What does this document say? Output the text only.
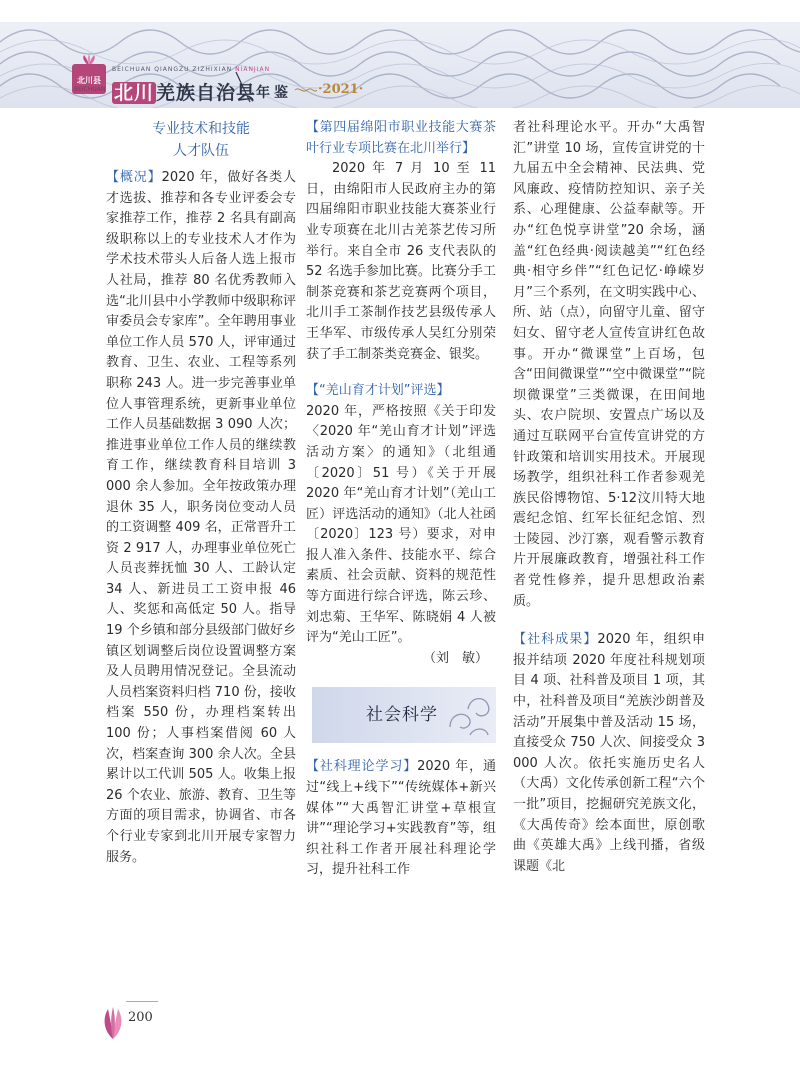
北川县
BEICHUAN
BEICHUAN QIANGZU ZIZHIXIAN NIANJIAN
北川 羌族自治县 年鉴 ·2021·
专业技术和技能
人才队伍

【概况】2020 年，做好各类人才选拔、推荐和各专业评委会专家推荐工作，推荐 2 名具有副高级职称以上的专业技术人才作为学术技术带头人后备人选上报市人社局，推荐 80 名优秀教师入选“北川县中小学教师中级职称评审委员会专家库”。全年聘用事业单位工作人员 570 人，评审通过教育、卫生、农业、工程等系列职称 243 人。进一步完善事业单位人事管理系统，更新事业单位工作人员基础数据 3 090 人次；推进事业单位工作人员的继续教育工作，继续教育科目培训 3 000 余人参加。全年按政策办理退休 35 人，职务岗位变动人员的工资调整 409 名，正常晋升工资 2 917 人，办理事业单位死亡人员丧葬抚恤 30 人、工龄认定 34 人、新进员工工资申报 46 人、奖惩和高低定 50 人。指导 19 个乡镇和部分县级部门做好乡镇区划调整后岗位设置调整方案及人员聘用情况登记。全县流动人员档案资料归档 710 份，接收档案 550 份，办理档案转出 100 份；人事档案借阅 60 人次，档案查询 300 余人次。全县累计以工代训 505 人。收集上报 26 个农业、旅游、教育、卫生等方面的项目需求，协调省、市各个行业专家到北川开展专家智力服务。

【第四届绵阳市职业技能大赛茶叶行业专项比赛在北川举行】

2020 年 7 月 10 至 11 日，由绵阳市人民政府主办的第四届绵阳市职业技能大赛茶业行业专项赛在北川古羌茶艺传习所举行。来自全市 26 支代表队的 52 名选手参加比赛。比赛分手工制茶竞赛和茶艺竞赛两个项目，北川手工茶制作技艺县级传承人王华军、市级传承人吴红分别荣获了手工制茶类竞赛金、银奖。

【“羌山育才计划”评选】

2020 年，严格按照《关于印发〈2020 年“羌山育才计划”评选活动方案〉的通知》（北组通〔2020〕51 号）《关于开展 2020 年“羌山育才计划”（羌山工匠）评选活动的通知》（北人社函〔2020〕123 号）要求，对申报人准入条件、技能水平、综合素质、社会贡献、资料的规范性等方面进行综合评选，陈云珍、刘忠菊、王华军、陈晓娟 4 人被评为“羌山工匠”。

（刘　敏）

社会科学

【社科理论学习】2020 年，通过“线上+线下”“传统媒体+新兴媒体”“大禹智汇讲堂+草根宣讲”“理论学习+实践教育”等，组织社科工作者开展社科理论学习，提升社科工作

者社科理论水平。开办“大禹智汇”讲堂 10 场，宣传宣讲党的十九届五中全会精神、民法典、党风廉政、疫情防控知识、亲子关系、心理健康、公益奉献等。开办“红色悦享讲堂”20 余场，涵盖“红色经典·阅读越美”“红色经典·相守乡伴”“红色记忆·峥嵘岁月”三个系列，在文明实践中心、所、站（点），向留守儿童、留守妇女、留守老人宣传宣讲红色故事。开办“微课堂”上百场，包含“田间微课堂”“空中微课堂”“院坝微课堂”三类微课，在田间地头、农户院坝、安置点广场以及通过互联网平台宣传宣讲党的方针政策和培训实用技术。开展现场教学，组织社科工作者参观羌族民俗博物馆、5·12汶川特大地震纪念馆、红军长征纪念馆、烈士陵园、沙汀寨，观看警示教育片开展廉政教育，增强社科工作者党性修养，提升思想政治素质。

【社科成果】2020 年，组织申报并结项 2020 年度社科规划项目 4 项、社科普及项目 1 项，其中，社科普及项目“羌族沙朗普及活动”开展集中普及活动 15 场，直接受众 750 人次、间接受众 3 000 人次。依托实施历史名人（大禹）文化传承创新工程“六个一批”项目，挖掘研究羌族文化，《大禹传奇》绘本面世，原创歌曲《英雄大禹》上线刊播，省级课题《北

200
